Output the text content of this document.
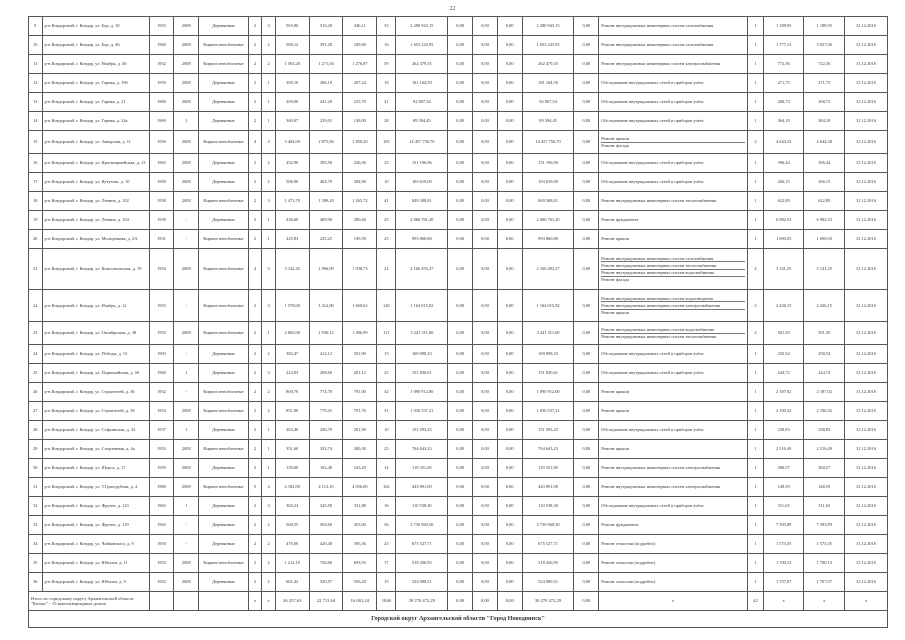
22
9	р-н Ковдорский, г. Ковдор, ул. Бор, д. 10	1955	2008	Деревянные	2	3	565,80	516,20	346,11	33	2 280 943,15	0,00	0,00	0,00	2 280 943,15	0,00	Ремонт внутридомовых инженерных систем газоснабжения	1	1 188,95	1 188,95	31.12.2016
10	р-н Ковдорский, г. Ковдор, ул. Бор, д. 46	1960	2008	Кирпич пеноблочные	2	2	506,12	391,20	349,60	16	1 653 243,95	0,00	0,00	0,00	1 653 243,95	0,00	Ремонт внутридомовых инженерных систем газоснабжения	1	1 777,13	3 027,06	31.12.2016
11	р-н Ковдорский, г. Ковдор, ул. Ноября, д. 36	1952	2008	Кирпич пеноблочные	2	2	1 563,20	1 271,04	1 276,87	59	262 479,35	0,00	0,00	0,00	262 479,35	0,00	Ремонт внутридомовых инженерных систем электроснабжения	1	772,56	722,56	31.12.2016
12	р-н Ковдорский, г. Ковдор, ул. Горная, д. 19б	1959	2008	Деревянные	2	1	309,10	306,18	207,24	18	181 164,50	0,00	0,00	0,00	181 164,50	0,00	Обследование внутридомовых сетей и приборов учёта	1	271,75	271,75	31.12.2016
13	р-н Ковдорский, г. Ковдор, ул. Горная, д. 21	1969	2008	Деревянные	2	1	269,00	241,20	225,70	21	92 807,54	0,00	0,00	0,00	92 807,54	0,00	Обследование внутридомовых сетей и приборов учёта	1	268,73	268,73	31.12.2016
14	р-н Ковдорский, г. Ковдор, ул. Горная, д. 24а	1969	1	Деревянные	2	1	360,07	239,01	138,00	28	89 394,45	0,00	0,00	0,00	89 394,45	0,00	Обследование внутридомовых сетей и приборов учёта	1	364,18	384,18	31.12.2016
15	р-н Ковдорский, г. Ковдор, ул. Заводская, д. 11	1956	2008	Кирпич пеноблочные	4	4	3 464,00	2 875,84	1 858,20	105	14 457 756,70	0,00	0,00	0,00	14 457 756,70	0,00	Ремонт крыши
Ремонт фасада	2	4 644,33	4 644,38	31.12.2016
16	р-н Ковдорский, г. Ковдор, ул. Красноармейская, д. 13	1963	2008	Деревянные	2	2	452,90	395,50	236,30	23	151 196,96	0,00	0,00	0,00	151 196,96	0,00	Обследование внутридомовых сетей и приборов учёта	1	396,44	396,44	31.12.2016
17	р-н Ковдорский, г. Ковдор, ул. Кутузова, д. 10	1950	2008	Деревянные	2	2	506,00	404,70	384,90	10	103 619,00	0,00	0,00	0,00	103 619,00	0,00	Обследование внутридомовых сетей и приборов учёта	1	266,15	266,15	31.12.2016
18	р-н Ковдорский, г. Ковдор, ул. Ленина, д. 102	1958	2008	Кирпич пеноблочные	2	3	1 473,70	1 399,20	1 265,72	41	849 308,01	0,00	0,00	0,00	849 308,01	0,00	Ремонт внутридомовых инженерных систем теплоснабжения	1	622,89	622,89	31.12.2016
19	р-н Ковдорский, г. Ковдор, ул. Ленина, д. 104	1939	-	Деревянные	2	1	436,60	409,90	280,40	25	2 066 761,20	0,00	0,00	0,00	2 066 761,20	0,00	Ремонт фундамента	1	6 982,53	6 982,53	31.12.2016
20	р-н Ковдорский, г. Ковдор, ул. Молодёжная, д. 2А	1931	-	Кирпич пеноблочные	2	1	229,83	225,25	190,50	25	993 860,80	0,00	0,00	0,00	993 860,80	0,00	Ремонт крыши	1	1 690,03	1 690,03	31.12.2016
21	р-н Ковдорский, г. Ковдор, ул. Комсомольская, д. 19	1954	2008	Кирпич пеноблочные	4	5	3 142,45	1 906,09	1 938,73	24	2 166 493,27	0,00	0,00	0,00	2 166 493,27	0,00	Ремонт внутридомовых инженерных систем газоснабжения
Ремонт внутридомовых инженерных систем теплоснабжения
Ремонт внутридомовых инженерных систем водоснабжения
Ремонт фасада	4	3 141,25	3 141,25	31.12.2016
22	р-н Ковдорский, г. Ковдор, ул. Ноябрь, д. 12	1955	-	Кирпич пеноблочные	2	3	1 578,00	1 412,80	1 660,62	126	1 164 015,82	0,00	0,00	0,00	1 164 015,82	0,00	Ремонт внутридомовых инженерных систем водоотведения
Ремонт внутридомовых инженерных систем электроснабжения
Ремонт крыши	3	2 436,15	2 436,15	31.12.2016
23	р-н Ковдорский, г. Ковдор, ул. Октябрьская, д. 38	1953	2008	Кирпич пеноблочные	2	1	2 065,00	1 936,12	1 496,99	111	3 241 311,60	0,00	0,00	0,00	3 241 311,60	0,00	Ремонт внутридомовых инженерных систем водоснабжения
Ремонт внутридомовых инженерных систем теплоснабжения	2	501,50	501,50	31.12.2016
24	р-н Ковдорский, г. Ковдор, ул. Победы, д. 15	1903	-	Деревянные	2	2	383,47	412,12	301,90	15	169 098,33	0,00	0,00	0,00	169 098,33	0,00	Обследование внутридомовых сетей и приборов учёта	1	250,54	250,54	31.12.2016
25	р-н Ковдорский, г. Ковдор, ул. Первомайская, д. 56	1960	1	Деревянные	2	3	224,83	208,60	201,12	25	151 830,61	0,00	0,00	0,00	151 830,61	0,00	Обследование внутридомовых сетей и приборов учёта	1	244,72	244,72	31.12.2016
26	р-н Ковдорский, г. Ковдор, ул. Строителей, д. 36	1952	-	Кирпич пеноблочные	2	2	800,70	774,70	791,00	32	1 090 912,00	0,00	0,00	0,00	1 090 912,00	0,00	Ремонт крыши	1	2 187,02	2 187,02	31.12.2016
27	р-н Ковдорский, г. Ковдор, ул. Строителей, д. 38	1954	2008	Кирпич пеноблочные	2	2	851,90	779,41	791,76	31	1 036 537,21	0,00	0,00	0,00	1 036 537,21	0,00	Ремонт крыши	1	2 190,32	2 190,32	31.12.2016
28	р-н Ковдорский, г. Ковдор, ул. Софьинская, д. 33	1937	1	Деревянные	2	1	263,40	236,70	201,90	10	151 593,25	0,00	0,00	0,00	151 593,25	0,00	Обследование внутридомовых сетей и приборов учёта	1	238,83	238,83	31.12.2016
29	р-н Ковдорский, г. Ковдор, ул. Спортивная, д. 4а	1952	2008	Кирпич пеноблочные	2	1	351,60	333,74	200,30	25	764 643,23	0,00	0,00	0,00	764 643,23	0,00	Ремонт крыши	1	2 516,49	2 516,49	31.12.2016
30	р-н Ковдорский, г. Ковдор, ул. Щорса, д. 17	1959	2008	Деревянные	2	1	150,00	162,40	165,20	14	119 351,69	0,00	0,00	0,00	119 351,69	0,00	Ремонт внутридомовых инженерных систем электроснабжения	1	300,57	300,57	31.12.2016
31	р-н Ковдорский, г. Ковдор, ул. Т.Гризодубова, д. 4	1980	2008	Кирпич пеноблочные	5	4	4 182,00	4 113,10	4 056,00	162	443 891,00	0,00	0,00	0,00	443 891,00	0,00	Ремонт внутридомовых инженерных систем электроснабжения	1	148,59	148,59	31.12.2016
32	р-н Ковдорский, г. Ковдор, ул. Фрунзе, д. 123	1963	1	Деревянные	2	3	365,23	345,50	331,80	16	110 538,30	0,00	0,00	0,00	110 538,30	0,00	Обследование внутридомовых сетей и приборов учёта	1	311,63	311,63	31.12.2016
33	р-н Ковдорский, г. Ковдор, ул. Фрунзе, д. 129	1963	-	Деревянные	2	2	560,55	504,60	453,00	36	3 730 960,50	0,00	0,00	0,00	3 730 960,50	0,00	Ремонт фундамента	1	7 393,89	7 393,89	31.12.2016
34	р-н Ковдорский, г. Ковдор, ул. Чайковского, д. 9	1950	-	Деревянные	2	2	470,00	426,40	395,36	23	675 527,71	0,00	0,00	0,00	675 527,71	0,00	Ремонт отмостки (подробно)	1	1 573,35	1 573,35	31.12.2016
35	р-н Ковдорский, г. Ковдор, ул. Юбилея, д. 11	1952	2008	Кирпич пеноблочные	2	2	1 212,10	736,60	693,93	17	518 436,95	0,00	0,00	0,00	518 436,95	0,00	Ремонт отмостки (подробно)	1	1 700,13	1 700,13	31.12.2016
36	р-н Ковдорский, г. Ковдор, ул. Юбилея, д. 9	1952	2008	Деревянные	2	2	601,42	530,57	556,20	15	524 980,51	0,00	0,00	0,00	524 980,51	0,00	Ремонт отмостки (подробно)	1	1 707,07	1 707,07	31.12.2016
Итого по городскому округу Архангельской области "Котлас" - 15 многоквартирных домов					х	х	26 257,63	22 713,64	16 001,24	1046	39 270 472,29	0,00	0,00	0,00	39 270 472,29	0,00	х	42	х	х	х
Городской округ Архангельской области "Город Новодвинск"																					
